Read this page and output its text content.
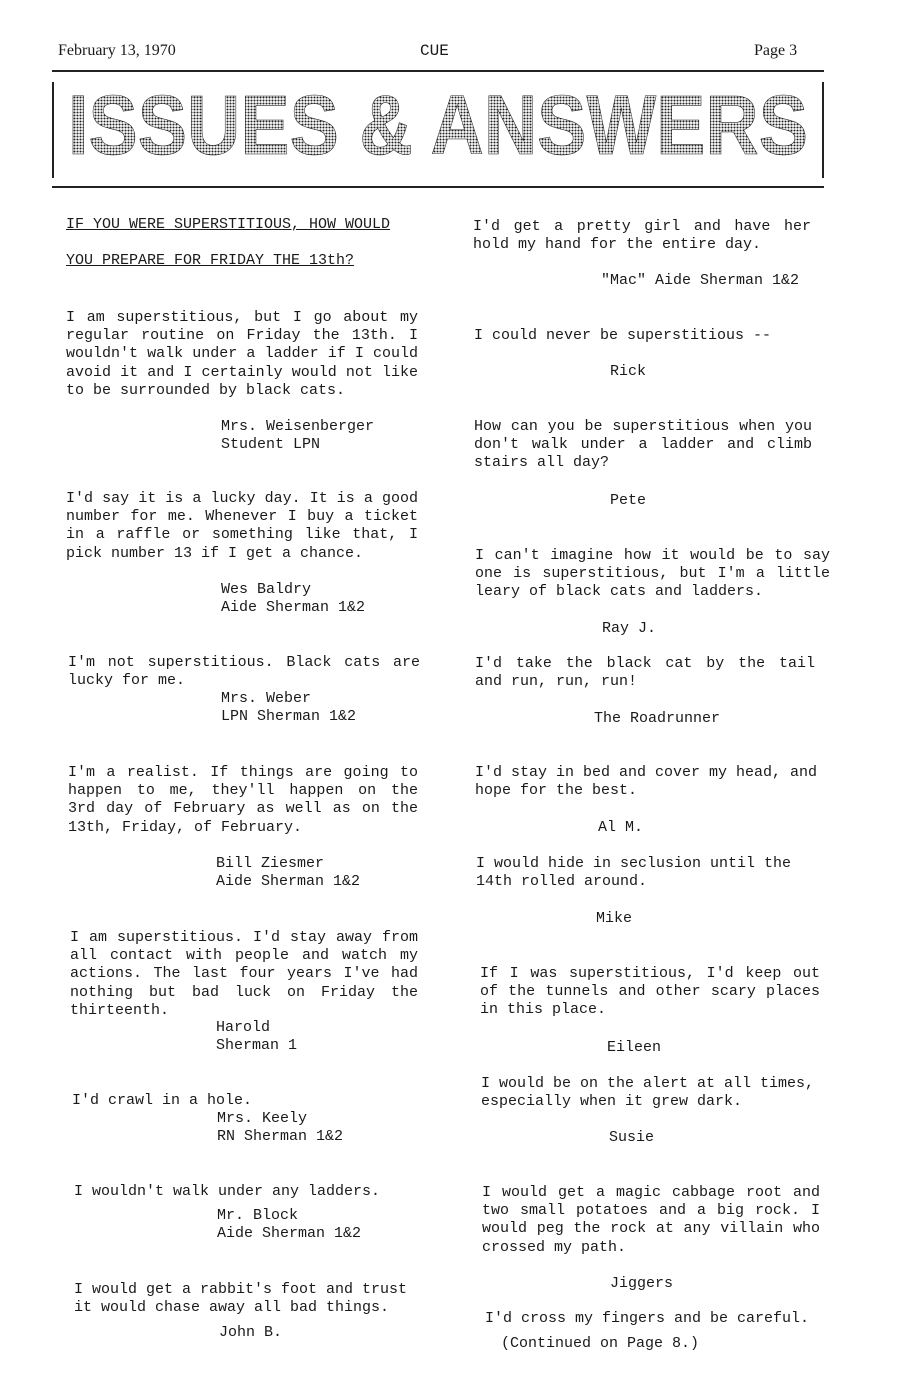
February 13, 1970	CUE	Page 3
ISSUES & ANSWERS
IF YOU WERE SUPERSTITIOUS, HOW WOULD
YOU PREPARE FOR FRIDAY THE 13th?
I am superstitious, but I go about my regular routine on Friday the 13th. I wouldn't walk under a ladder if I could avoid it and I certainly would not like to be surrounded by black cats.
Mrs. Weisenberger
Student LPN
I'd say it is a lucky day. It is a good number for me. Whenever I buy a ticket in a raffle or something like that, I pick number 13 if I get a chance.
Wes Baldry
Aide Sherman 1&2
I'm not superstitious. Black cats are lucky for me.
Mrs. Weber
LPN Sherman 1&2
I'm a realist. If things are going to happen to me, they'll happen on the 3rd day of February as well as on the 13th, Friday, of February.
Bill Ziesmer
Aide Sherman 1&2
I am superstitious. I'd stay away from all contact with people and watch my actions. The last four years I've had nothing but bad luck on Friday the thirteenth.
Harold
Sherman 1
I'd crawl in a hole.
Mrs. Keely
RN Sherman 1&2
I wouldn't walk under any ladders.
Mr. Block
Aide Sherman 1&2
I would get a rabbit's foot and trust it would chase away all bad things.
John B.
I'd get a pretty girl and have her hold my hand for the entire day.
"Mac" Aide Sherman 1&2
I could never be superstitious --
Rick
How can you be superstitious when you don't walk under a ladder and climb stairs all day?
Pete
I can't imagine how it would be to say one is superstitious, but I'm a little leary of black cats and ladders.
Ray J.
I'd take the black cat by the tail and run, run, run!
The Roadrunner
I'd stay in bed and cover my head, and hope for the best.
Al M.
I would hide in seclusion until the 14th rolled around.
Mike
If I was superstitious, I'd keep out of the tunnels and other scary places in this place.
Eileen
I would be on the alert at all times, especially when it grew dark.
Susie
I would get a magic cabbage root and two small potatoes and a big rock. I would peg the rock at any villain who crossed my path.
Jiggers
I'd cross my fingers and be careful.
(Continued on Page 8.)
